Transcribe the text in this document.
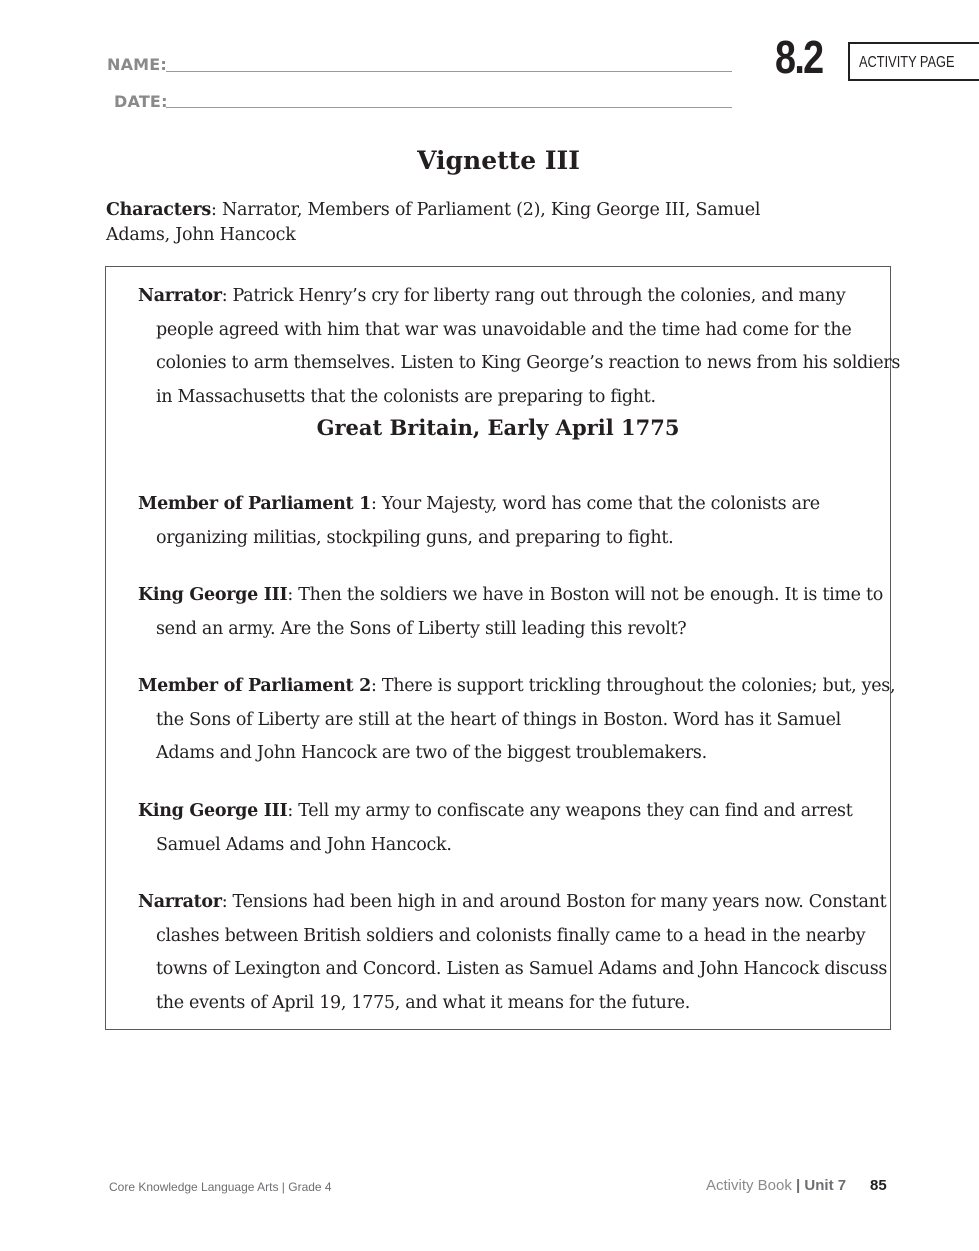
NAME:
DATE:
8.2 ACTIVITY PAGE
Vignette III
Characters: Narrator, Members of Parliament (2), King George III, Samuel Adams, John Hancock

Narrator: Patrick Henry’s cry for liberty rang out through the colonies, and many people agreed with him that war was unavoidable and the time had come for the colonies to arm themselves. Listen to King George’s reaction to news from his soldiers in Massachusetts that the colonists are preparing to fight.

Great Britain, Early April 1775

Member of Parliament 1: Your Majesty, word has come that the colonists are organizing militias, stockpiling guns, and preparing to fight.

King George III: Then the soldiers we have in Boston will not be enough. It is time to send an army. Are the Sons of Liberty still leading this revolt?

Member of Parliament 2: There is support trickling throughout the colonies; but, yes, the Sons of Liberty are still at the heart of things in Boston. Word has it Samuel Adams and John Hancock are two of the biggest troublemakers.

King George III: Tell my army to confiscate any weapons they can find and arrest Samuel Adams and John Hancock.

Narrator: Tensions had been high in and around Boston for many years now. Constant clashes between British soldiers and colonists finally came to a head in the nearby towns of Lexington and Concord. Listen as Samuel Adams and John Hancock discuss the events of April 19, 1775, and what it means for the future.

Core Knowledge Language Arts | Grade 4	Activity Book | Unit 7 85
